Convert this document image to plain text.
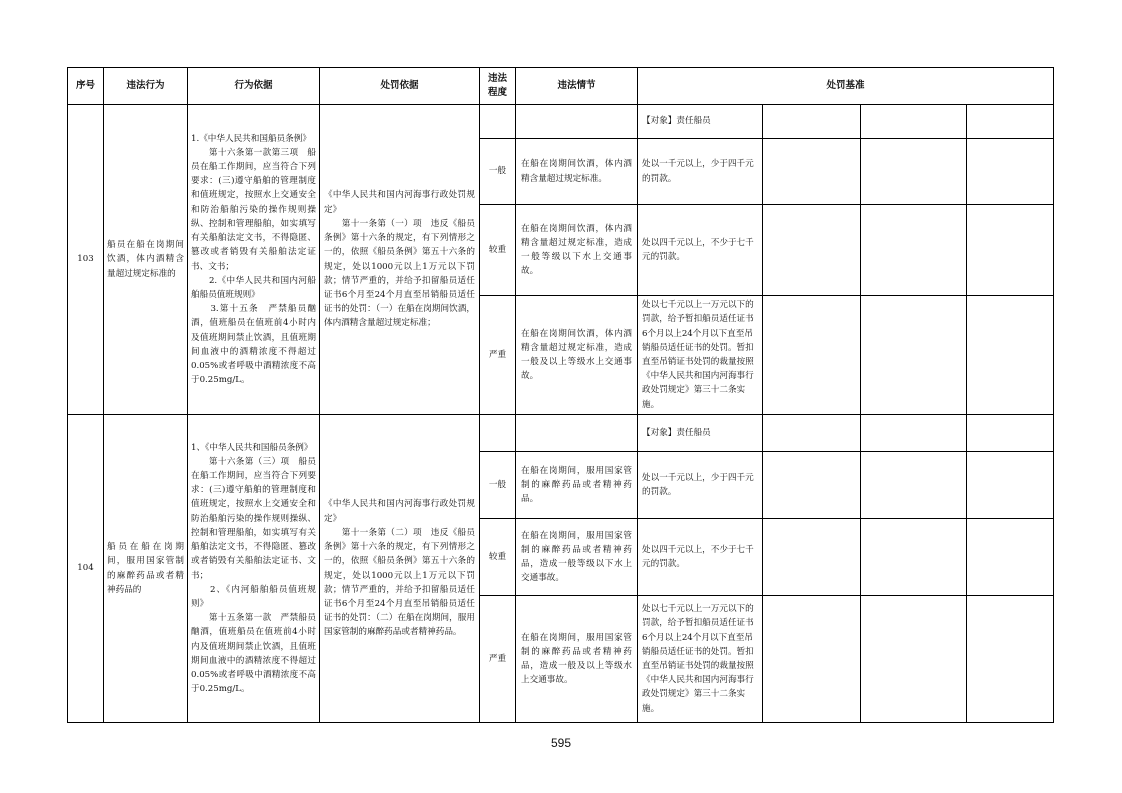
序号	违法行为	行为依据	处罚依据	违法
程度	违法情节	处罚基准			
103	船员在船在岗期间饮酒，体内酒精含量超过规定标准的	1.《中华人民共和国船员条例》
　　第十六条第一款第三项　船员在船工作期间，应当符合下列要求：(三)遵守船舶的管理制度和值班规定，按照水上交通安全和防治船舶污染的操作规则操纵、控制和管理船舶，如实填写有关船舶法定文书，不得隐匿、篡改或者销毁有关船舶法定证书、文书；
　　2.《中华人民共和国内河船舶船员值班规则》
　　3.第十五条　严禁船员酗酒，值班船员在值班前4小时内及值班期间禁止饮酒，且值班期间血液中的酒精浓度不得超过0.05%或者呼吸中酒精浓度不高于0.25mg/L。	《中华人民共和国内河海事行政处罚规定》
　　第十一条第（一）项　违反《船员条例》第十六条的规定，有下列情形之一的，依照《船员条例》第五十六条的规定，处以1000元以上1万元以下罚款；情节严重的，并给予扣留船员适任证书6个月至24个月直至吊销船员适任证书的处罚：（一）在船在岗期间饮酒，体内酒精含量超过规定标准；			【对象】责任船员			
				一般	在船在岗期间饮酒，体内酒精含量超过规定标准。	处以一千元以上，少于四千元的罚款。			
				较重	在船在岗期间饮酒，体内酒精含量超过规定标准，造成一般等级以下水上交通事故。	处以四千元以上，不少于七千元的罚款。			
				严重	在船在岗期间饮酒，体内酒精含量超过规定标准，造成一般及以上等级水上交通事故。	处以七千元以上一万元以下的罚款，给予暂扣船员适任证书6个月以上24个月以下直至吊销船员适任证书的处罚。暂扣直至吊销证书处罚的裁量按照《中华人民共和国内河海事行政处罚规定》第三十二条实施。			
104	船员在船在岗期间，服用国家管制的麻醉药品或者精神药品的	1、《中华人民共和国船员条例》
　　第十六条第（三）项　船员在船工作期间，应当符合下列要求：(三)遵守船舶的管理制度和值班规定，按照水上交通安全和防治船舶污染的操作规则操纵、控制和管理船舶，如实填写有关船舶法定文书，不得隐匿、篡改或者销毁有关船舶法定证书、文书；
　　2、《内河船舶船员值班规则》
　　第十五条第一款　严禁船员酗酒，值班船员在值班前4小时内及值班期间禁止饮酒，且值班期间血液中的酒精浓度不得超过0.05%或者呼吸中酒精浓度不高于0.25mg/L。	《中华人民共和国内河海事行政处罚规定》
　　第十一条第（二）项　违反《船员条例》第十六条的规定，有下列情形之一的，依照《船员条例》第五十六条的规定，处以1000元以上1万元以下罚款；情节严重的，并给予扣留船员适任证书6个月至24个月直至吊销船员适任证书的处罚：（二）在船在岗期间，服用国家管制的麻醉药品或者精神药品。			【对象】责任船员			
				一般	在船在岗期间，服用国家管制的麻醉药品或者精神药品。	处以一千元以上，少于四千元的罚款。			
				较重	在船在岗期间，服用国家管制的麻醉药品或者精神药品，造成一般等级以下水上交通事故。	处以四千元以上，不少于七千元的罚款。			
				严重	在船在岗期间，服用国家管制的麻醉药品或者精神药品，造成一般及以上等级水上交通事故。	处以七千元以上一万元以下的罚款，给予暂扣船员适任证书6个月以上24个月以下直至吊销船员适任证书的处罚。暂扣直至吊销证书处罚的裁量按照《中华人民共和国内河海事行政处罚规定》第三十二条实施。			
595
